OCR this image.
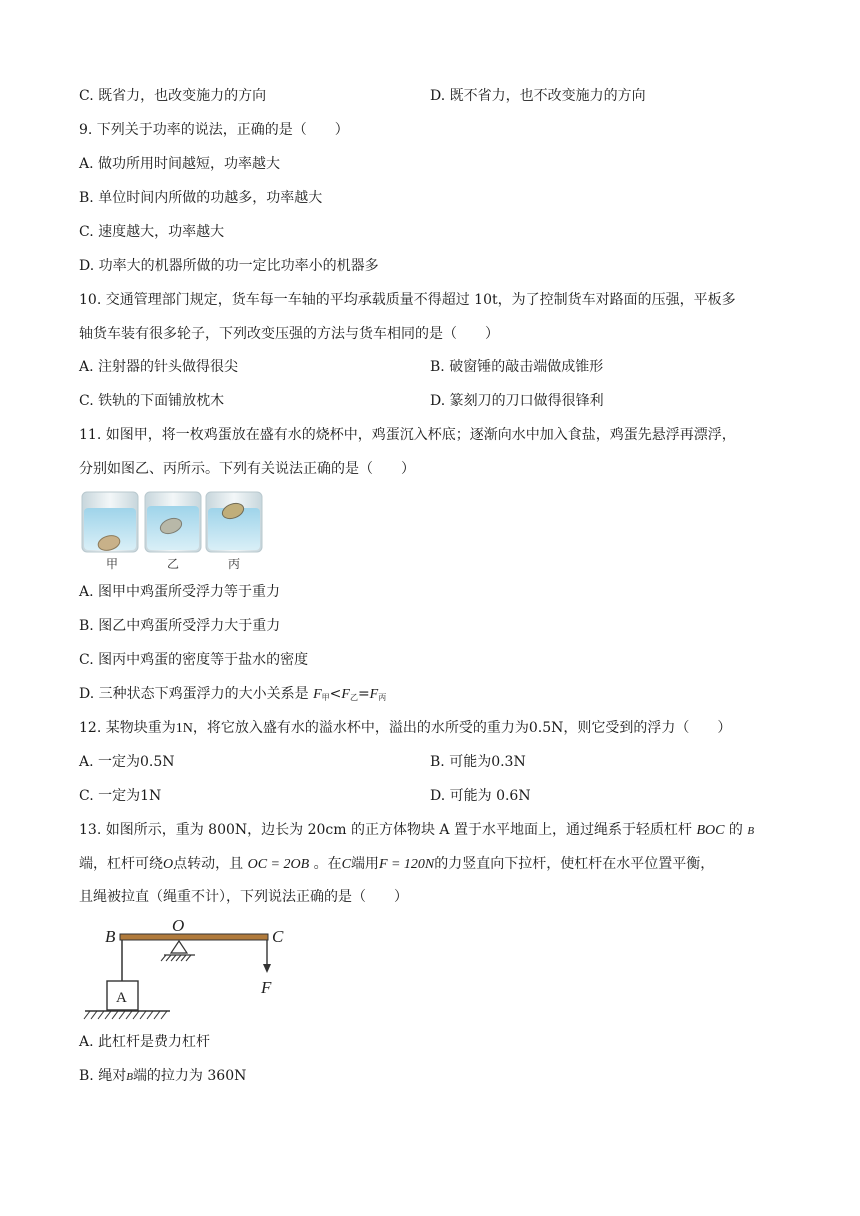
C. 既省力，也改变施力的方向	D. 既不省力，也不改变施力的方向
9. 下列关于功率的说法，正确的是（　　）
A. 做功所用时间越短，功率越大
B. 单位时间内所做的功越多，功率越大
C. 速度越大，功率越大
D. 功率大的机器所做的功一定比功率小的机器多
10. 交通管理部门规定，货车每一车轴的平均承载质量不得超过 10t，为了控制货车对路面的压强，平板多
轴货车装有很多轮子，下列改变压强的方法与货车相同的是（　　）
A. 注射器的针头做得很尖	B. 破窗锤的敲击端做成锥形
C. 铁轨的下面铺放枕木	D. 篆刻刀的刀口做得很锋利
11. 如图甲，将一枚鸡蛋放在盛有水的烧杯中，鸡蛋沉入杯底；逐渐向水中加入食盐，鸡蛋先悬浮再漂浮，
分别如图乙、丙所示。下列有关说法正确的是（　　）
甲	乙	丙
A. 图甲中鸡蛋所受浮力等于重力
B. 图乙中鸡蛋所受浮力大于重力
C. 图丙中鸡蛋的密度等于盐水的密度
D. 三种状态下鸡蛋浮力的大小关系是 $F_甲<F_乙=F_丙$
12. 某物块重为1N，将它放入盛有水的溢水杯中，溢出的水所受的重力为0.5N，则它受到的浮力（　　）
A. 一定为0.5N	B. 可能为0.3N
C. 一定为1N	D. 可能为 0.6N
13. 如图所示，重为 800N，边长为 20cm 的正方体物块 A 置于水平地面上，通过绳系于轻质杠杆 BOC 的 B
端，杠杆可绕O点转动，且 OC = 2OB 。在C端用F = 120N的力竖直向下拉杆，使杠杆在水平位置平衡，
且绳被拉直（绳重不计），下列说法正确的是（　　）
B
O
C
F
A
A. 此杠杆是费力杠杆
B. 绳对B端的拉力为 360N
